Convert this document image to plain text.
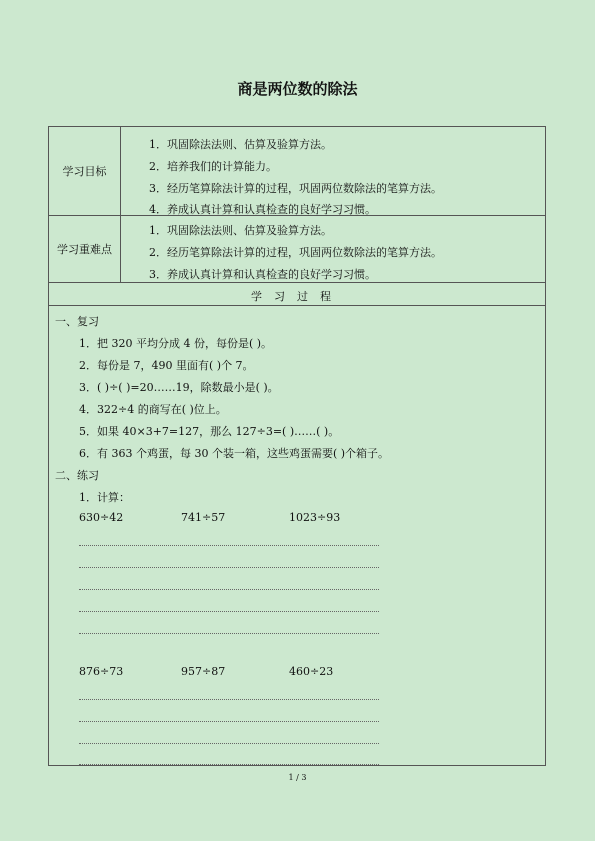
商是两位数的除法
学习目标
1．巩固除法法则、估算及验算方法。
2．培养我们的计算能力。
3．经历笔算除法计算的过程，巩固两位数除法的笔算方法。
4．养成认真计算和认真检查的良好学习习惯。
学习重难点
1．巩固除法法则、估算及验算方法。
2．经历笔算除法计算的过程，巩固两位数除法的笔算方法。
3．养成认真计算和认真检查的良好学习习惯。
学习过程
一、复习
1．把 320 平均分成 4 份，每份是( )。
2．每份是 7，490 里面有( )个 7。
3．( )÷( )=20……19，除数最小是( )。
4．322÷4 的商写在( )位上。
5．如果 40×3+7=127，那么 127÷3=( )……( )。
6．有 363 个鸡蛋，每 30 个装一箱，这些鸡蛋需要( )个箱子。
二、练习
1．计算：
630÷42	741÷57	1023÷93
876÷73	957÷87	460÷23
1 / 3
